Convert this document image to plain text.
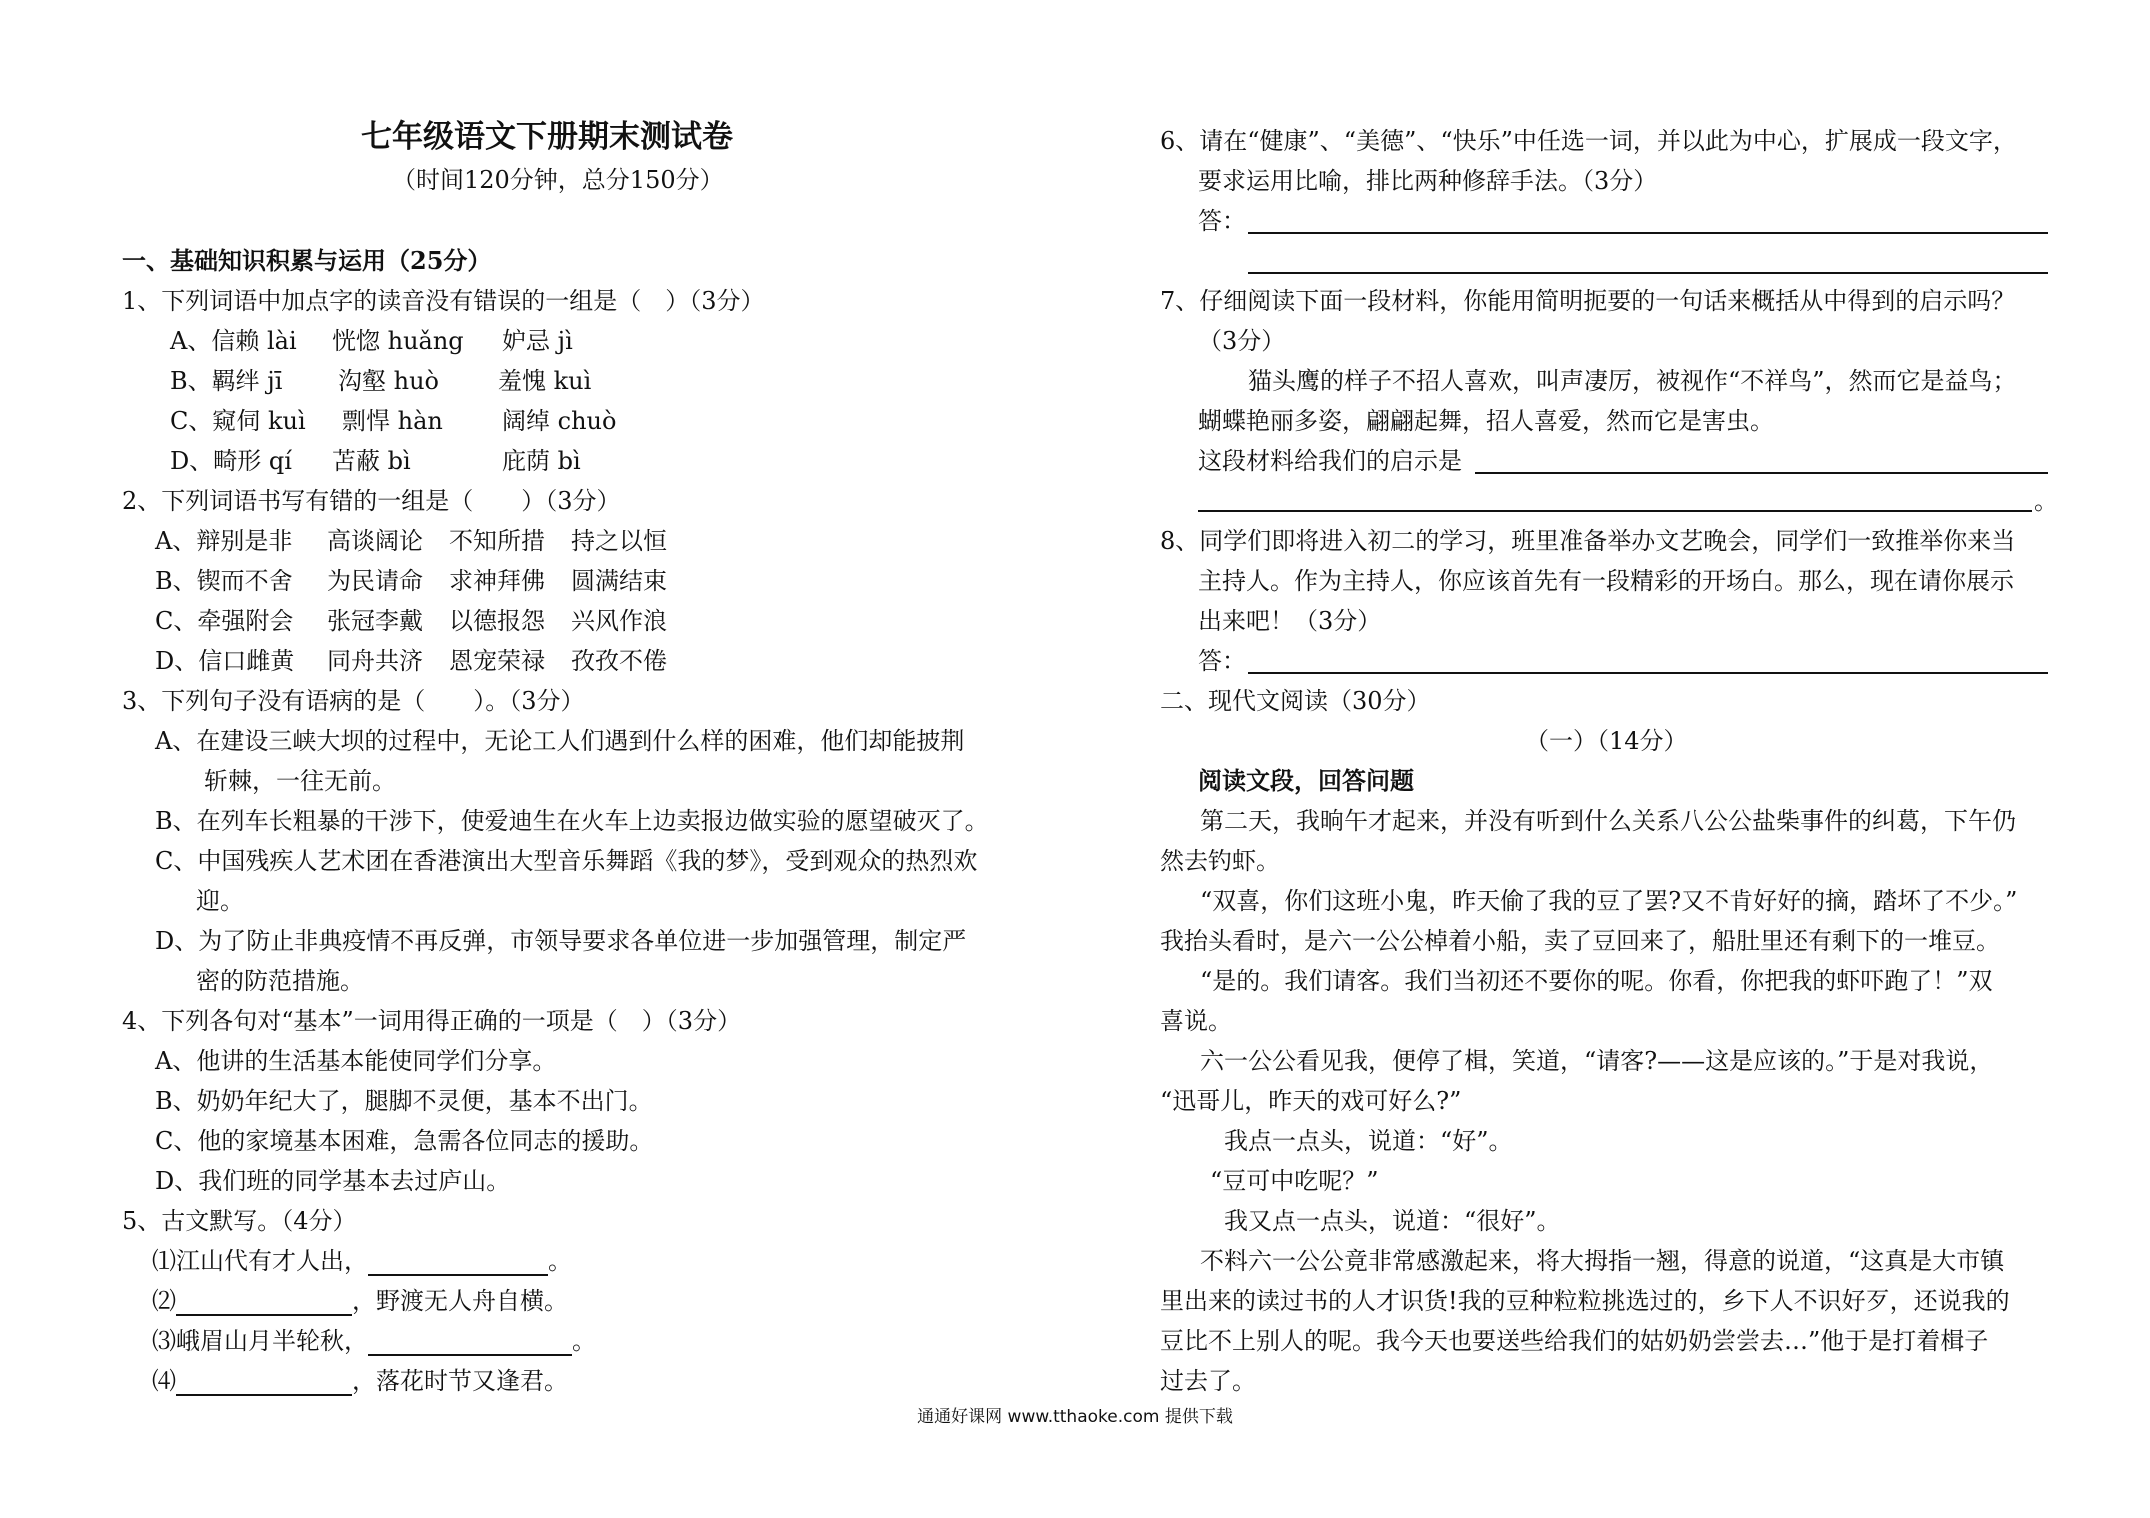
七年级语文下册期末测试卷
（时间120分钟，总分150分）
一、基础知识积累与运用（25分）
1、下列词语中加点字的读音没有错误的一组是（　）（3分）
A、信赖 lài 恍惚 huǎng 妒忌 jì
B、羁绊 jī 沟壑 huò 羞愧 kuì
C、窥伺 kuì 剽悍 hàn 阔绰 chuò
D、畸形 qí 苫蔽 bì	庇荫 bì
2、下列词语书写有错的一组是（　　）（3分）
A、辩别是非 高谈阔论 不知所措 持之以恒
B、锲而不舍 为民请命 求神拜佛 圆满结束
C、牵强附会 张冠李戴 以德报怨 兴风作浪
D、信口雌黄 同舟共济 恩宠荣禄 孜孜不倦
3、下列句子没有语病的是（　　）。（3分）
A、在建设三峡大坝的过程中，无论工人们遇到什么样的困难，他们却能披荆
斩棘，一往无前。
B、在列车长粗暴的干涉下，使爱迪生在火车上边卖报边做实验的愿望破灭了。
C、中国残疾人艺术团在香港演出大型音乐舞蹈《我的梦》，受到观众的热烈欢
迎。
D、为了防止非典疫情不再反弹，市领导要求各单位进一步加强管理，制定严
密的防范措施。
4、下列各句对“基本”一词用得正确的一项是（　）（3分）
A、他讲的生活基本能使同学们分享。
B、奶奶年纪大了，腿脚不灵便，基本不出门。
C、他的家境基本困难，急需各位同志的援助。
D、我们班的同学基本去过庐山。
5、古文默写。（4分）
⑴江山代有才人出，	。
⑵	，野渡无人舟自横。
⑶峨眉山月半轮秋，	。
⑷	，落花时节又逢君。
6、请在“健康”、“美德”、“快乐”中任选一词，并以此为中心，扩展成一段文字，
要求运用比喻，排比两种修辞手法。（3分）
答：
7、仔细阅读下面一段材料，你能用简明扼要的一句话来概括从中得到的启示吗？
（3分）
猫头鹰的样子不招人喜欢，叫声凄厉，被视作“不祥鸟”，然而它是益鸟；
蝴蝶艳丽多姿，翩翩起舞，招人喜爱，然而它是害虫。
这段材料给我们的启示是
。
8、同学们即将进入初二的学习，班里准备举办文艺晚会，同学们一致推举你来当
主持人。作为主持人，你应该首先有一段精彩的开场白。那么，现在请你展示
出来吧！（3分）
答：
二、现代文阅读（30分）
（一）（14分）
阅读文段，回答问题
　第二天，我晌午才起来，并没有听到什么关系八公公盐柴事件的纠葛，下午仍
然去钓虾。
　“双喜，你们这班小鬼，昨天偷了我的豆了罢?又不肯好好的摘，踏坏了不少。”
我抬头看时，是六一公公棹着小船，卖了豆回来了，船肚里还有剩下的一堆豆。
　“是的。我们请客。我们当初还不要你的呢。你看，你把我的虾吓跑了！”双
喜说。
　六一公公看见我，便停了楫，笑道，“请客?——这是应该的。”于是对我说，
“迅哥儿，昨天的戏可好么?”
　　我点一点头，说道：“好”。
　“豆可中吃呢？”
　　我又点一点头，说道：“很好”。
　不料六一公公竟非常感激起来，将大拇指一翘，得意的说道，“这真是大市镇
里出来的读过书的人才识货!我的豆种粒粒挑选过的，乡下人不识好歹，还说我的
豆比不上别人的呢。我今天也要送些给我们的姑奶奶尝尝去…”他于是打着楫子
过去了。
通通好课网 www.tthaoke.com 提供下载
